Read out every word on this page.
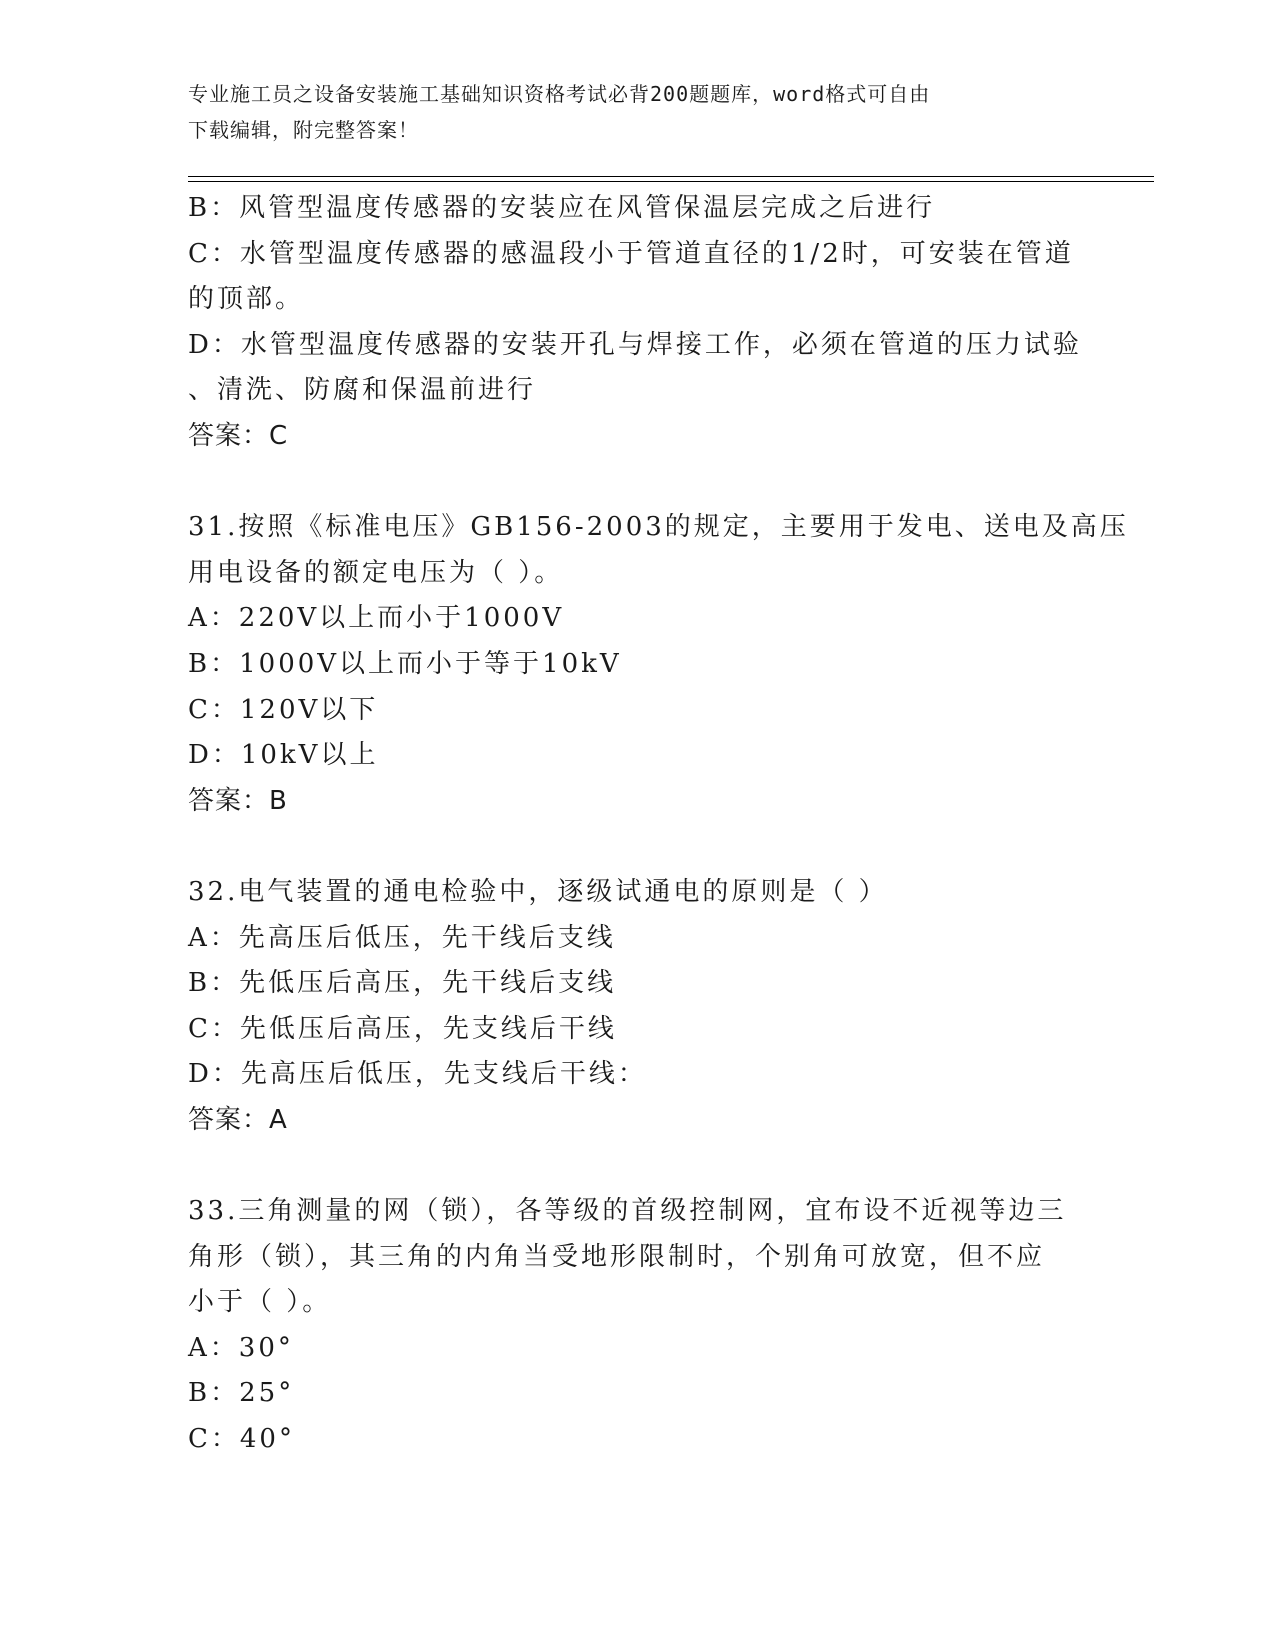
专业施工员之设备安装施工基础知识资格考试必背200题题库，word格式可自由
下载编辑，附完整答案！
B：风管型温度传感器的安装应在风管保温层完成之后进行
C：水管型温度传感器的感温段小于管道直径的1/2时，可安装在管道
的顶部。
D：水管型温度传感器的安装开孔与焊接工作，必须在管道的压力试验
、清洗、防腐和保温前进行
答案：C
31.按照《标准电压》GB156-2003的规定，主要用于发电、送电及高压
用电设备的额定电压为（ ）。
A：220V以上而小于1000V
B：1000V以上而小于等于10kV
C：120V以下
D：10kV以上
答案：B
32.电气装置的通电检验中，逐级试通电的原则是（ ）
A：先高压后低压，先干线后支线
B：先低压后高压，先干线后支线
C：先低压后高压，先支线后干线
D：先高压后低压，先支线后干线：
答案：A
33.三角测量的网（锁），各等级的首级控制网，宜布设不近视等边三
角形（锁），其三角的内角当受地形限制时，个别角可放宽，但不应
小于（ ）。
A：30°
B：25°
C：40°
